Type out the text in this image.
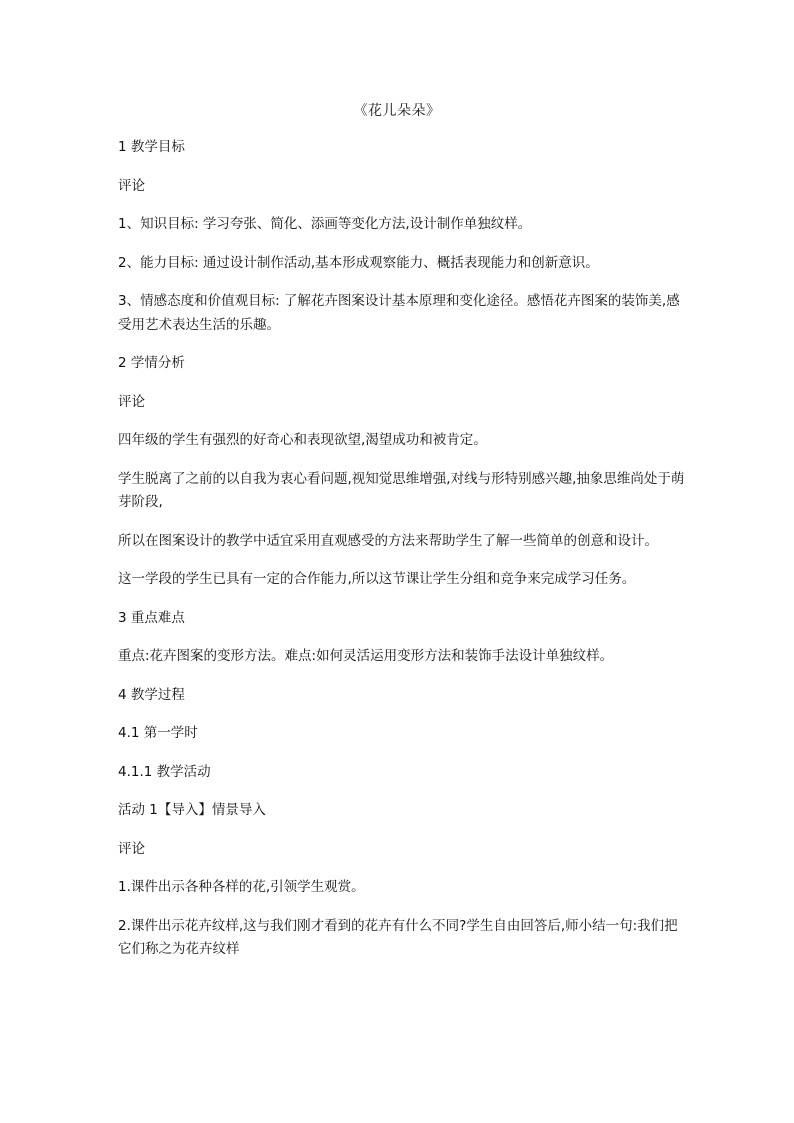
《花儿朵朵》

1 教学目标

评论

1、知识目标: 学习夸张、简化、添画等变化方法,设计制作单独纹样。

2、能力目标: 通过设计制作活动,基本形成观察能力、概括表现能力和创新意识。

3、情感态度和价值观目标: 了解花卉图案设计基本原理和变化途径。感悟花卉图案的装饰美,感受用艺术表达生活的乐趣。

2 学情分析

评论

四年级的学生有强烈的好奇心和表现欲望,渴望成功和被肯定。

学生脱离了之前的以自我为衷心看问题,视知觉思维增强,对线与形特别感兴趣,抽象思维尚处于萌芽阶段,

所以在图案设计的教学中适宜采用直观感受的方法来帮助学生了解一些简单的创意和设计。

这一学段的学生已具有一定的合作能力,所以这节课让学生分组和竞争来完成学习任务。

3 重点难点

重点:花卉图案的变形方法。难点:如何灵活运用变形方法和装饰手法设计单独纹样。

4 教学过程

4.1 第一学时

4.1.1 教学活动

活动 1【导入】情景导入

评论

1.课件出示各种各样的花,引领学生观赏。

2.课件出示花卉纹样,这与我们刚才看到的花卉有什么不同?学生自由回答后,师小结一句:我们把它们称之为花卉纹样
